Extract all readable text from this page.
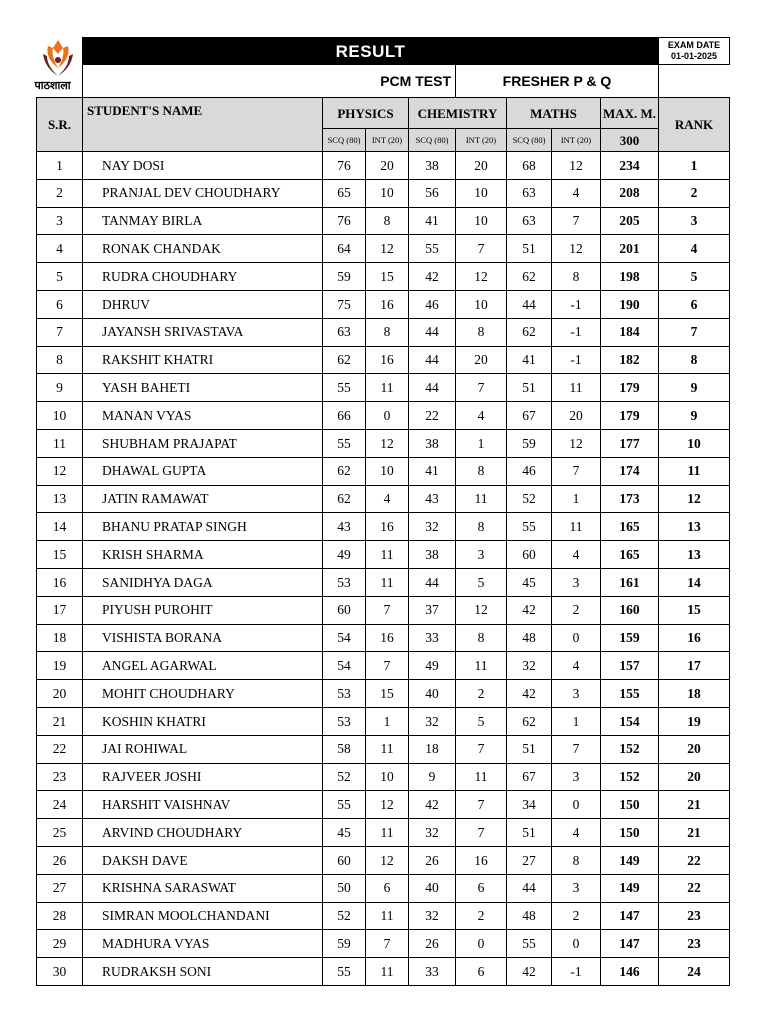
पाठशाला	RESULT								EXAM DATE
01-01-2025

	PCM TEST				FRESHER P & Q				
S.R.	STUDENT'S NAME	PHYSICS		CHEMISTRY		MATHS		MAX. M.	RANK
		SCQ (80)	INT (20)	SCQ (80)	INT (20)	SCQ (80)	INT (20)	300	
1	NAY DOSI	76	20	38	20	68	12	234	1
2	PRANJAL DEV CHOUDHARY	65	10	56	10	63	4	208	2
3	TANMAY BIRLA	76	8	41	10	63	7	205	3
4	RONAK CHANDAK	64	12	55	7	51	12	201	4
5	RUDRA CHOUDHARY	59	15	42	12	62	8	198	5
6	DHRUV	75	16	46	10	44	-1	190	6
7	JAYANSH SRIVASTAVA	63	8	44	8	62	-1	184	7
8	RAKSHIT KHATRI	62	16	44	20	41	-1	182	8
9	YASH BAHETI	55	11	44	7	51	11	179	9
10	MANAN VYAS	66	0	22	4	67	20	179	9
11	SHUBHAM PRAJAPAT	55	12	38	1	59	12	177	10
12	DHAWAL GUPTA	62	10	41	8	46	7	174	11
13	JATIN RAMAWAT	62	4	43	11	52	1	173	12
14	BHANU PRATAP SINGH	43	16	32	8	55	11	165	13
15	KRISH SHARMA	49	11	38	3	60	4	165	13
16	SANIDHYA DAGA	53	11	44	5	45	3	161	14
17	PIYUSH PUROHIT	60	7	37	12	42	2	160	15
18	VISHISTA BORANA	54	16	33	8	48	0	159	16
19	ANGEL AGARWAL	54	7	49	11	32	4	157	17
20	MOHIT CHOUDHARY	53	15	40	2	42	3	155	18
21	KOSHIN KHATRI	53	1	32	5	62	1	154	19
22	JAI ROHIWAL	58	11	18	7	51	7	152	20
23	RAJVEER JOSHI	52	10	9	11	67	3	152	20
24	HARSHIT VAISHNAV	55	12	42	7	34	0	150	21
25	ARVIND CHOUDHARY	45	11	32	7	51	4	150	21
26	DAKSH DAVE	60	12	26	16	27	8	149	22
27	KRISHNA SARASWAT	50	6	40	6	44	3	149	22
28	SIMRAN MOOLCHANDANI	52	11	32	2	48	2	147	23
29	MADHURA VYAS	59	7	26	0	55	0	147	23
30	RUDRAKSH SONI	55	11	33	6	42	-1	146	24
